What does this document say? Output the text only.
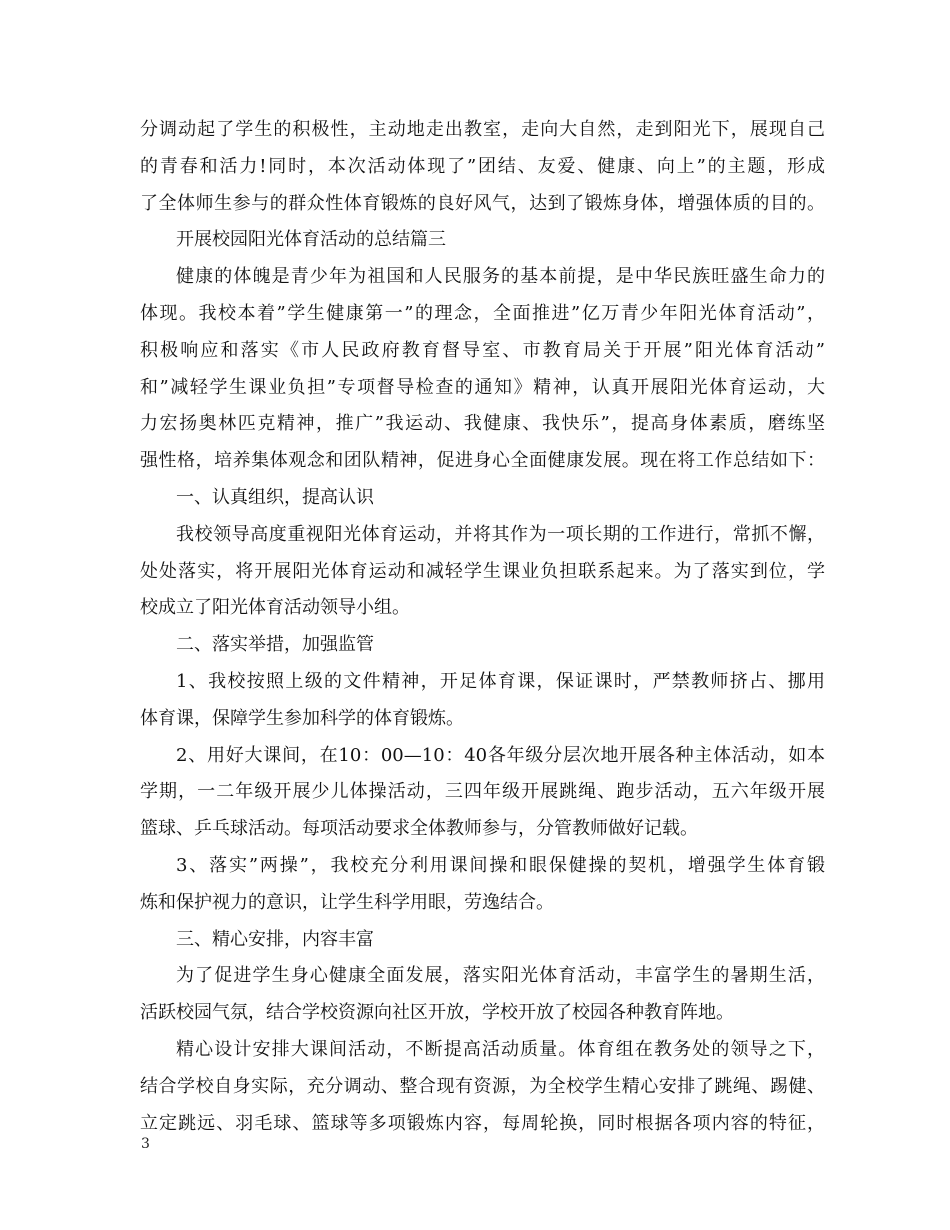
分调动起了学生的积极性，主动地走出教室，走向大自然，走到阳光下，展现自己
的青春和活力!同时，本次活动体现了”团结、友爱、健康、向上”的主题，形成
了全体师生参与的群众性体育锻炼的良好风气，达到了锻炼身体，增强体质的目的。
开展校园阳光体育活动的总结篇三
健康的体魄是青少年为祖国和人民服务的基本前提，是中华民族旺盛生命力的
体现。我校本着”学生健康第一”的理念，全面推进”亿万青少年阳光体育活动”，
积极响应和落实《市人民政府教育督导室、市教育局关于开展”阳光体育活动”
和”减轻学生课业负担”专项督导检查的通知》精神，认真开展阳光体育运动，大
力宏扬奥林匹克精神，推广”我运动、我健康、我快乐”，提高身体素质，磨练坚
强性格，培养集体观念和团队精神，促进身心全面健康发展。现在将工作总结如下：
一、认真组织，提高认识
我校领导高度重视阳光体育运动，并将其作为一项长期的工作进行，常抓不懈，
处处落实，将开展阳光体育运动和减轻学生课业负担联系起来。为了落实到位，学
校成立了阳光体育活动领导小组。
二、落实举措，加强监管
1、我校按照上级的文件精神，开足体育课，保证课时，严禁教师挤占、挪用
体育课，保障学生参加科学的体育锻炼。
2、用好大课间，在10：00—10：40各年级分层次地开展各种主体活动，如本
学期，一二年级开展少儿体操活动，三四年级开展跳绳、跑步活动，五六年级开展
篮球、乒乓球活动。每项活动要求全体教师参与，分管教师做好记载。
3、落实”两操”，我校充分利用课间操和眼保健操的契机，增强学生体育锻
炼和保护视力的意识，让学生科学用眼，劳逸结合。
三、精心安排，内容丰富
为了促进学生身心健康全面发展，落实阳光体育活动，丰富学生的暑期生活，
活跃校园气氛，结合学校资源向社区开放，学校开放了校园各种教育阵地。
精心设计安排大课间活动，不断提高活动质量。体育组在教务处的领导之下，
结合学校自身实际，充分调动、整合现有资源，为全校学生精心安排了跳绳、踢健、
立定跳远、羽毛球、篮球等多项锻炼内容，每周轮换，同时根据各项内容的特征，
3
